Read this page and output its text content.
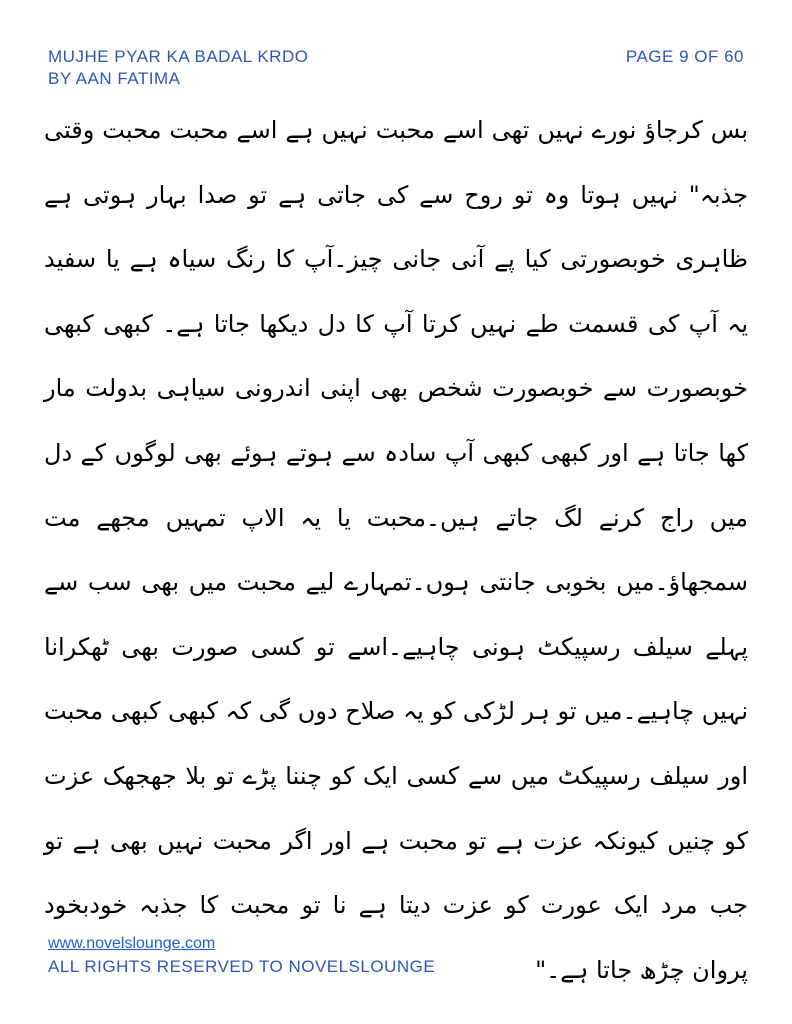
MUJHE PYAR KA BADAL KRDO
BY AAN FATIMA
PAGE 9 OF 60
بس کرجاؤ نورے نہیں تھی اسے محبت نہیں ہے اسے محبت محبت وقتی جذبہ" نہیں ہوتا وہ تو روح سے کی جاتی ہے تو صدا بہار ہوتی ہے ظاہری خوبصورتی کیا پے آنی جانی چیز۔آپ کا رنگ سیاہ ہے یا سفید یہ آپ کی قسمت طے نہیں کرتا آپ کا دل دیکھا جاتا ہے۔ کبھی کبھی خوبصورت سے خوبصورت شخص بھی اپنی اندرونی سیاہی بدولت مار کھا جاتا ہے اور کبھی کبھی آپ سادہ سے ہوتے ہوئے بھی لوگوں کے دل میں راج کرنے لگ جاتے ہیں۔محبت یا یہ الاپ تمہیں مجھے مت سمجھاؤ۔میں بخوبی جانتی ہوں۔تمہارے لیے محبت میں بھی سب سے پہلے سیلف رسپیکٹ ہونی چاہیے۔اسے تو کسی صورت بھی ٹھکرانا نہیں چاہیے۔میں تو ہر لڑکی کو یہ صلاح دوں گی کہ کبھی کبھی محبت اور سیلف رسپیکٹ میں سے کسی ایک کو چننا پڑے تو بلا جھجھک عزت کو چنیں کیونکہ عزت ہے تو محبت ہے اور اگر محبت نہیں بھی ہے تو جب مرد ایک عورت کو عزت دیتا ہے نا تو محبت کا جذبہ خودبخود پروان چڑھ جاتا ہے۔"
www.novelslounge.com
ALL RIGHTS RESERVED TO NOVELSLOUNGE
